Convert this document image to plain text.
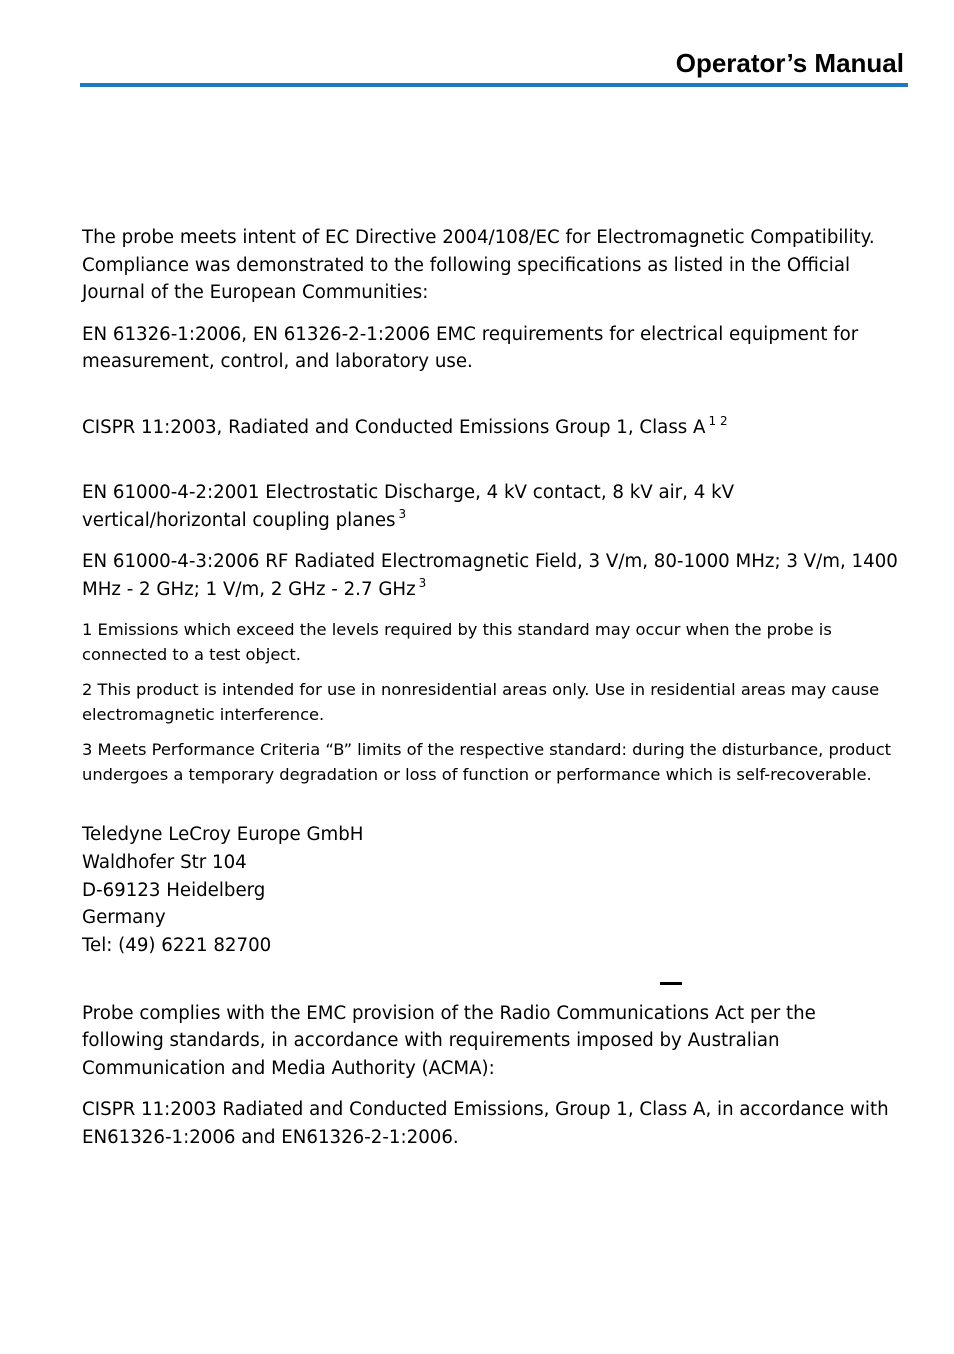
Operator’s Manual

The probe meets intent of EC Directive 2004/108/EC for Electromagnetic Compatibility. Compliance was demonstrated to the following specifications as listed in the Official Journal of the European Communities:

EN 61326-1:2006, EN 61326-2-1:2006 EMC requirements for electrical equipment for measurement, control, and laboratory use.

CISPR 11:2003, Radiated and Conducted Emissions Group 1, Class A $^{1 2}$

EN 61000-4-2:2001 Electrostatic Discharge, 4 kV contact, 8 kV air, 4 kV vertical/horizontal coupling planes $^3$

EN 61000-4-3:2006 RF Radiated Electromagnetic Field, 3 V/m, 80-1000 MHz; 3 V/m, 1400 MHz - 2 GHz; 1 V/m, 2 GHz - 2.7 GHz $^3$

1 Emissions which exceed the levels required by this standard may occur when the probe is connected to a test object.

2 This product is intended for use in nonresidential areas only. Use in residential areas may cause electromagnetic interference.

3 Meets Performance Criteria “B” limits of the respective standard: during the disturbance, product undergoes a temporary degradation or loss of function or performance which is self-recoverable.

Teledyne LeCroy Europe GmbH
Waldhofer Str 104
D-69123 Heidelberg
Germany
Tel: (49) 6221 82700

Probe complies with the EMC provision of the Radio Communications Act per the following standards, in accordance with requirements imposed by Australian Communication and Media Authority (ACMA):

CISPR 11:2003 Radiated and Conducted Emissions, Group 1, Class A, in accordance with EN61326-1:2006 and EN61326-2-1:2006.
